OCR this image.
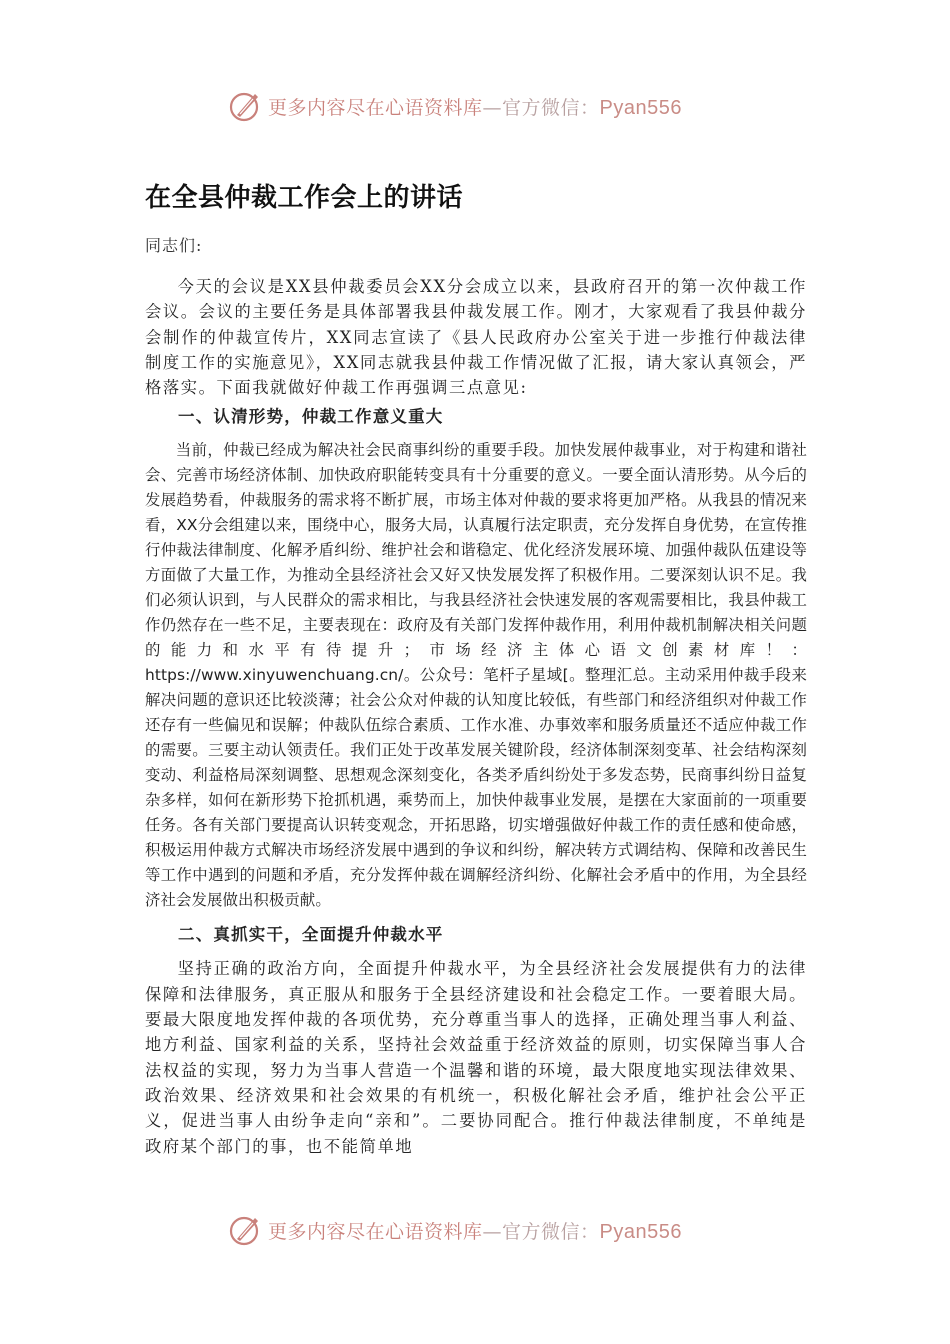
更多内容尽在心语资料库—官方微信：Pyan556
在全县仲裁工作会上的讲话

同志们:

今天的会议是XX县仲裁委员会XX分会成立以来，县政府召开的第一次仲裁工作会议。会议的主要任务是具体部署我县仲裁发展工作。刚才，大家观看了我县仲裁分会制作的仲裁宣传片，XX同志宣读了《县人民政府办公室关于进一步推行仲裁法律制度工作的实施意见》，XX同志就我县仲裁工作情况做了汇报，请大家认真领会，严格落实。下面我就做好仲裁工作再强调三点意见:

一、认清形势，仲裁工作意义重大

当前，仲裁已经成为解决社会民商事纠纷的重要手段。加快发展仲裁事业，对于构建和谐社会、完善市场经济体制、加快政府职能转变具有十分重要的意义。一要全面认清形势。从今后的发展趋势看，仲裁服务的需求将不断扩展，市场主体对仲裁的要求将更加严格。从我县的情况来看，XX分会组建以来，围绕中心，服务大局，认真履行法定职责，充分发挥自身优势，在宣传推行仲裁法律制度、化解矛盾纠纷、维护社会和谐稳定、优化经济发展环境、加强仲裁队伍建设等方面做了大量工作，为推动全县经济社会又好又快发展发挥了积极作用。二要深刻认识不足。我们必须认识到，与人民群众的需求相比，与我县经济社会快速发展的客观需要相比，我县仲裁工作仍然存在一些不足，主要表现在：政府及有关部门发挥仲裁作用，利用仲裁机制解决相关问题的能力和水平有待提升；市场经济主体心语文创素材库！：https://www.xinyuwenchuang.cn/。公众号：笔杆子星域[。整理汇总。主动采用仲裁手段来解决问题的意识还比较淡薄；社会公众对仲裁的认知度比较低，有些部门和经济组织对仲裁工作还存有一些偏见和误解；仲裁队伍综合素质、工作水准、办事效率和服务质量还不适应仲裁工作的需要。三要主动认领责任。我们正处于改革发展关键阶段，经济体制深刻变革、社会结构深刻变动、利益格局深刻调整、思想观念深刻变化，各类矛盾纠纷处于多发态势，民商事纠纷日益复杂多样，如何在新形势下抢抓机遇，乘势而上，加快仲裁事业发展，是摆在大家面前的一项重要任务。各有关部门要提高认识转变观念，开拓思路，切实增强做好仲裁工作的责任感和使命感，积极运用仲裁方式解决市场经济发展中遇到的争议和纠纷，解决转方式调结构、保障和改善民生等工作中遇到的问题和矛盾，充分发挥仲裁在调解经济纠纷、化解社会矛盾中的作用，为全县经济社会发展做出积极贡献。

二、真抓实干，全面提升仲裁水平

坚持正确的政治方向，全面提升仲裁水平，为全县经济社会发展提供有力的法律保障和法律服务，真正服从和服务于全县经济建设和社会稳定工作。一要着眼大局。要最大限度地发挥仲裁的各项优势，充分尊重当事人的选择，正确处理当事人利益、地方利益、国家利益的关系，坚持社会效益重于经济效益的原则，切实保障当事人合法权益的实现，努力为当事人营造一个温馨和谐的环境，最大限度地实现法律效果、政治效果、经济效果和社会效果的有机统一，积极化解社会矛盾，维护社会公平正义，促进当事人由纷争走向“亲和”。二要协同配合。推行仲裁法律制度，不单纯是政府某个部门的事，也不能简单地

更多内容尽在心语资料库—官方微信：Pyan556
